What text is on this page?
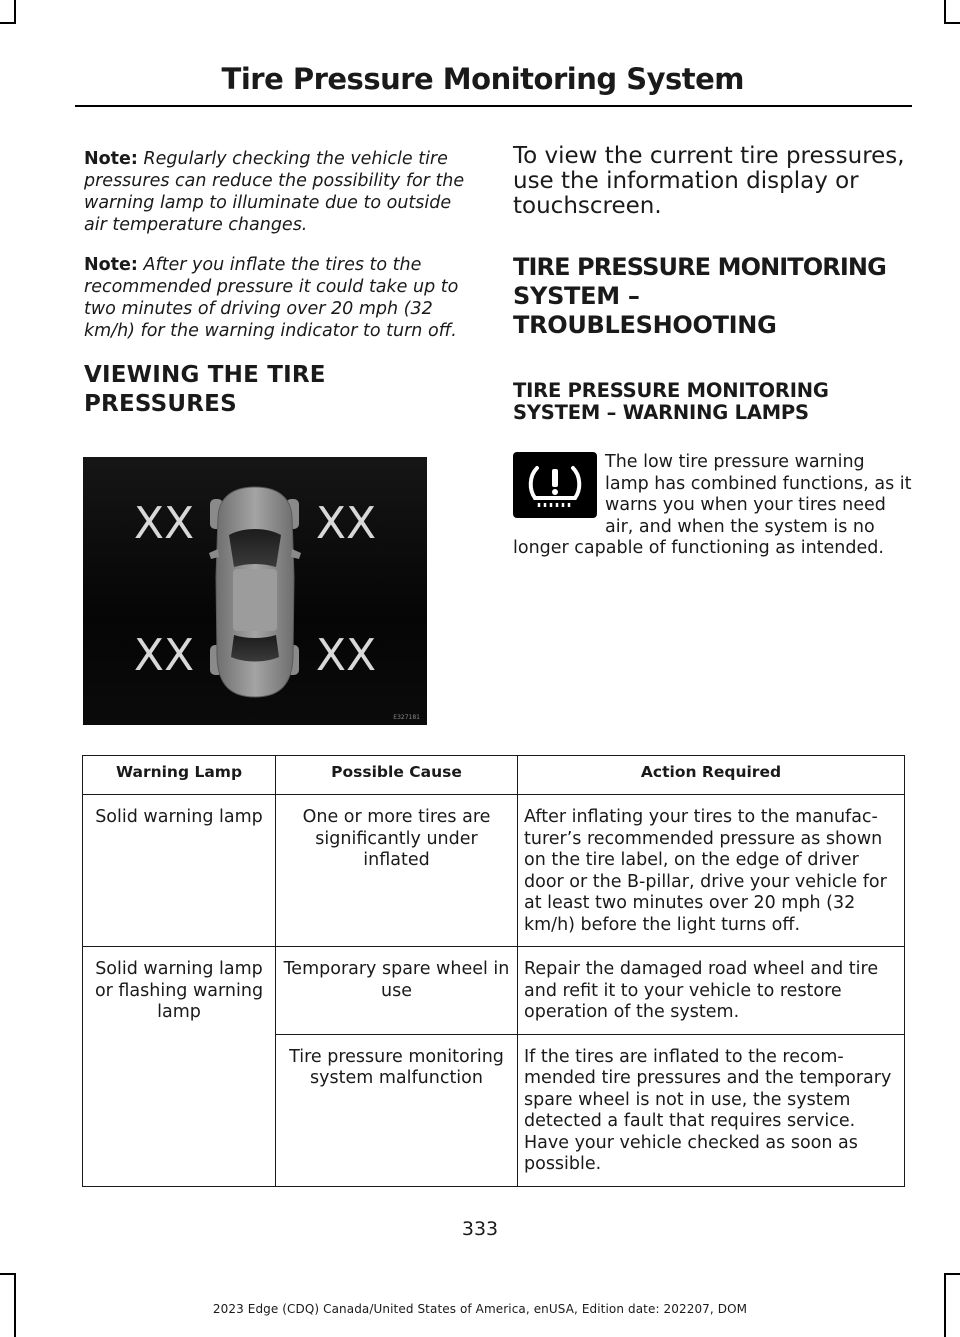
Tire Pressure Monitoring System

Note: Regularly checking the vehicle tire pressures can reduce the possibility for the warning lamp to illuminate due to outside air temperature changes.

Note: After you inflate the tires to the recommended pressure it could take up to two minutes of driving over 20 mph (32 km/h) for the warning indicator to turn off.

VIEWING THE TIRE
PRESSURES
XX	XX
XX	XX
E327181

To view the current tire pressures, use the information display or touchscreen.

TIRE PRESSURE MONITORING
SYSTEM –
TROUBLESHOOTING
TIRE PRESSURE MONITORING
SYSTEM – WARNING LAMPS
The low tire pressure warning lamp has combined functions, as it warns you when your tires need air, and when the system is no longer capable of functioning as intended.
Warning Lamp	Possible Cause	Action Required
Solid warning lamp	One or more tires are significantly under inflated	After inflating your tires to the manufac- turer’s recommended pressure as shown on the tire label, on the edge of driver door or the B-pillar, drive your vehicle for at least two minutes over 20 mph (32 km/h) before the light turns off.
Solid warning lamp or flashing warning lamp	Temporary spare wheel in use	Repair the damaged road wheel and tire and refit it to your vehicle to restore operation of the system.
	Tire pressure monitoring system malfunction	If the tires are inflated to the recom- mended tire pressures and the temporary spare wheel is not in use, the system detected a fault that requires service. Have your vehicle checked as soon as possible.
333
2023 Edge (CDQ) Canada/United States of America, enUSA, Edition date: 202207, DOM
